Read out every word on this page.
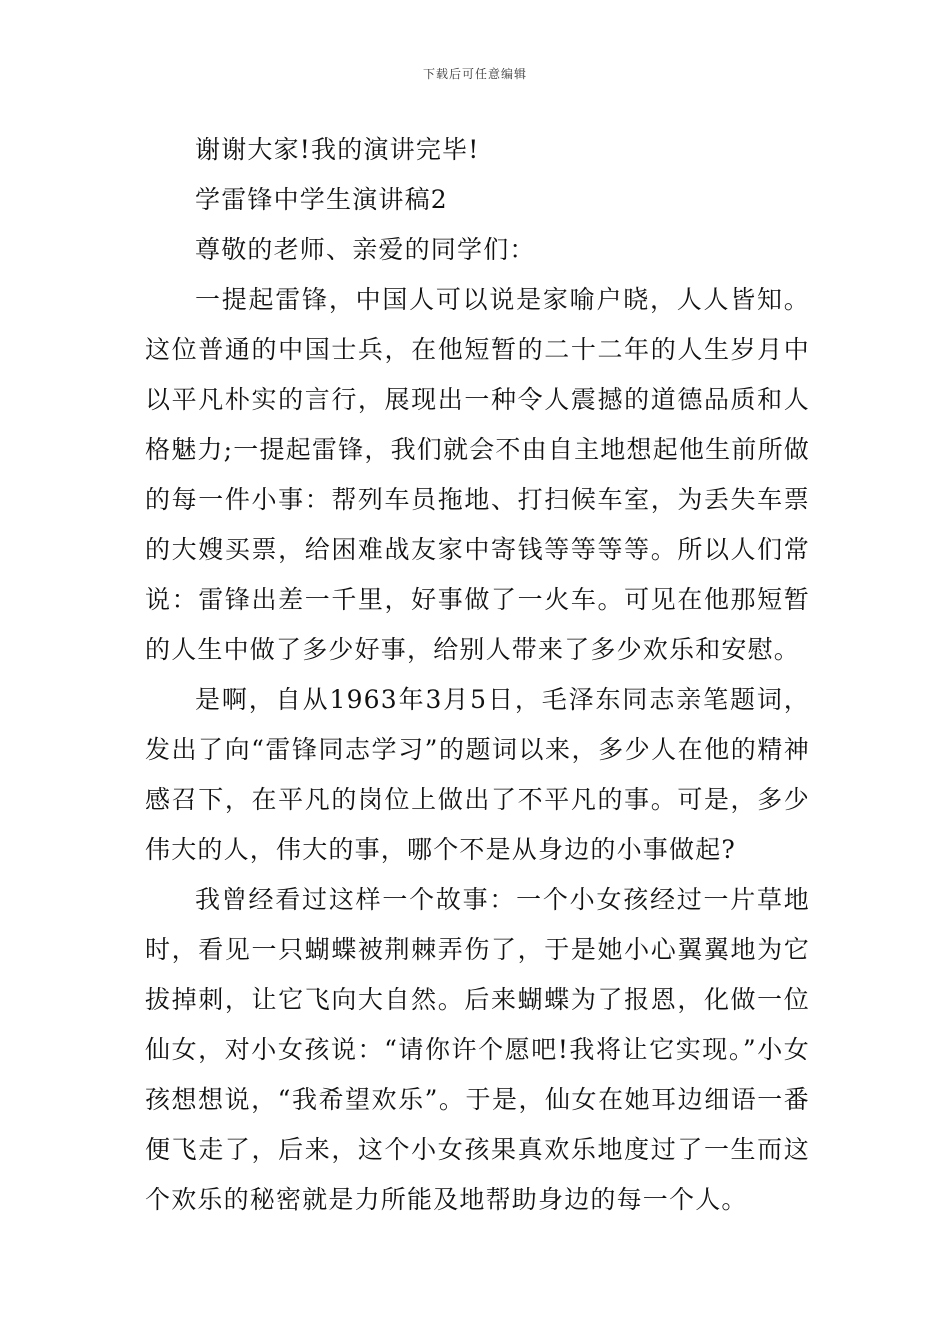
下载后可任意编辑

谢谢大家!我的演讲完毕!

学雷锋中学生演讲稿2

尊敬的老师、亲爱的同学们：

一提起雷锋，中国人可以说是家喻户晓，人人皆知。这位普通的中国士兵，在他短暂的二十二年的人生岁月中以平凡朴实的言行，展现出一种令人震撼的道德品质和人格魅力;一提起雷锋，我们就会不由自主地想起他生前所做的每一件小事：帮列车员拖地、打扫候车室，为丢失车票的大嫂买票，给困难战友家中寄钱等等等等。所以人们常说：雷锋出差一千里，好事做了一火车。可见在他那短暂的人生中做了多少好事，给别人带来了多少欢乐和安慰。

是啊，自从1963年3月5日，毛泽东同志亲笔题词，发出了向“雷锋同志学习”的题词以来，多少人在他的精神感召下，在平凡的岗位上做出了不平凡的事。可是，多少伟大的人，伟大的事，哪个不是从身边的小事做起?

我曾经看过这样一个故事：一个小女孩经过一片草地时，看见一只蝴蝶被荆棘弄伤了，于是她小心翼翼地为它拔掉刺，让它飞向大自然。后来蝴蝶为了报恩，化做一位仙女，对小女孩说：“请你许个愿吧!我将让它实现。”小女孩想想说，“我希望欢乐”。于是，仙女在她耳边细语一番便飞走了，后来，这个小女孩果真欢乐地度过了一生而这个欢乐的秘密就是力所能及地帮助身边的每一个人。
